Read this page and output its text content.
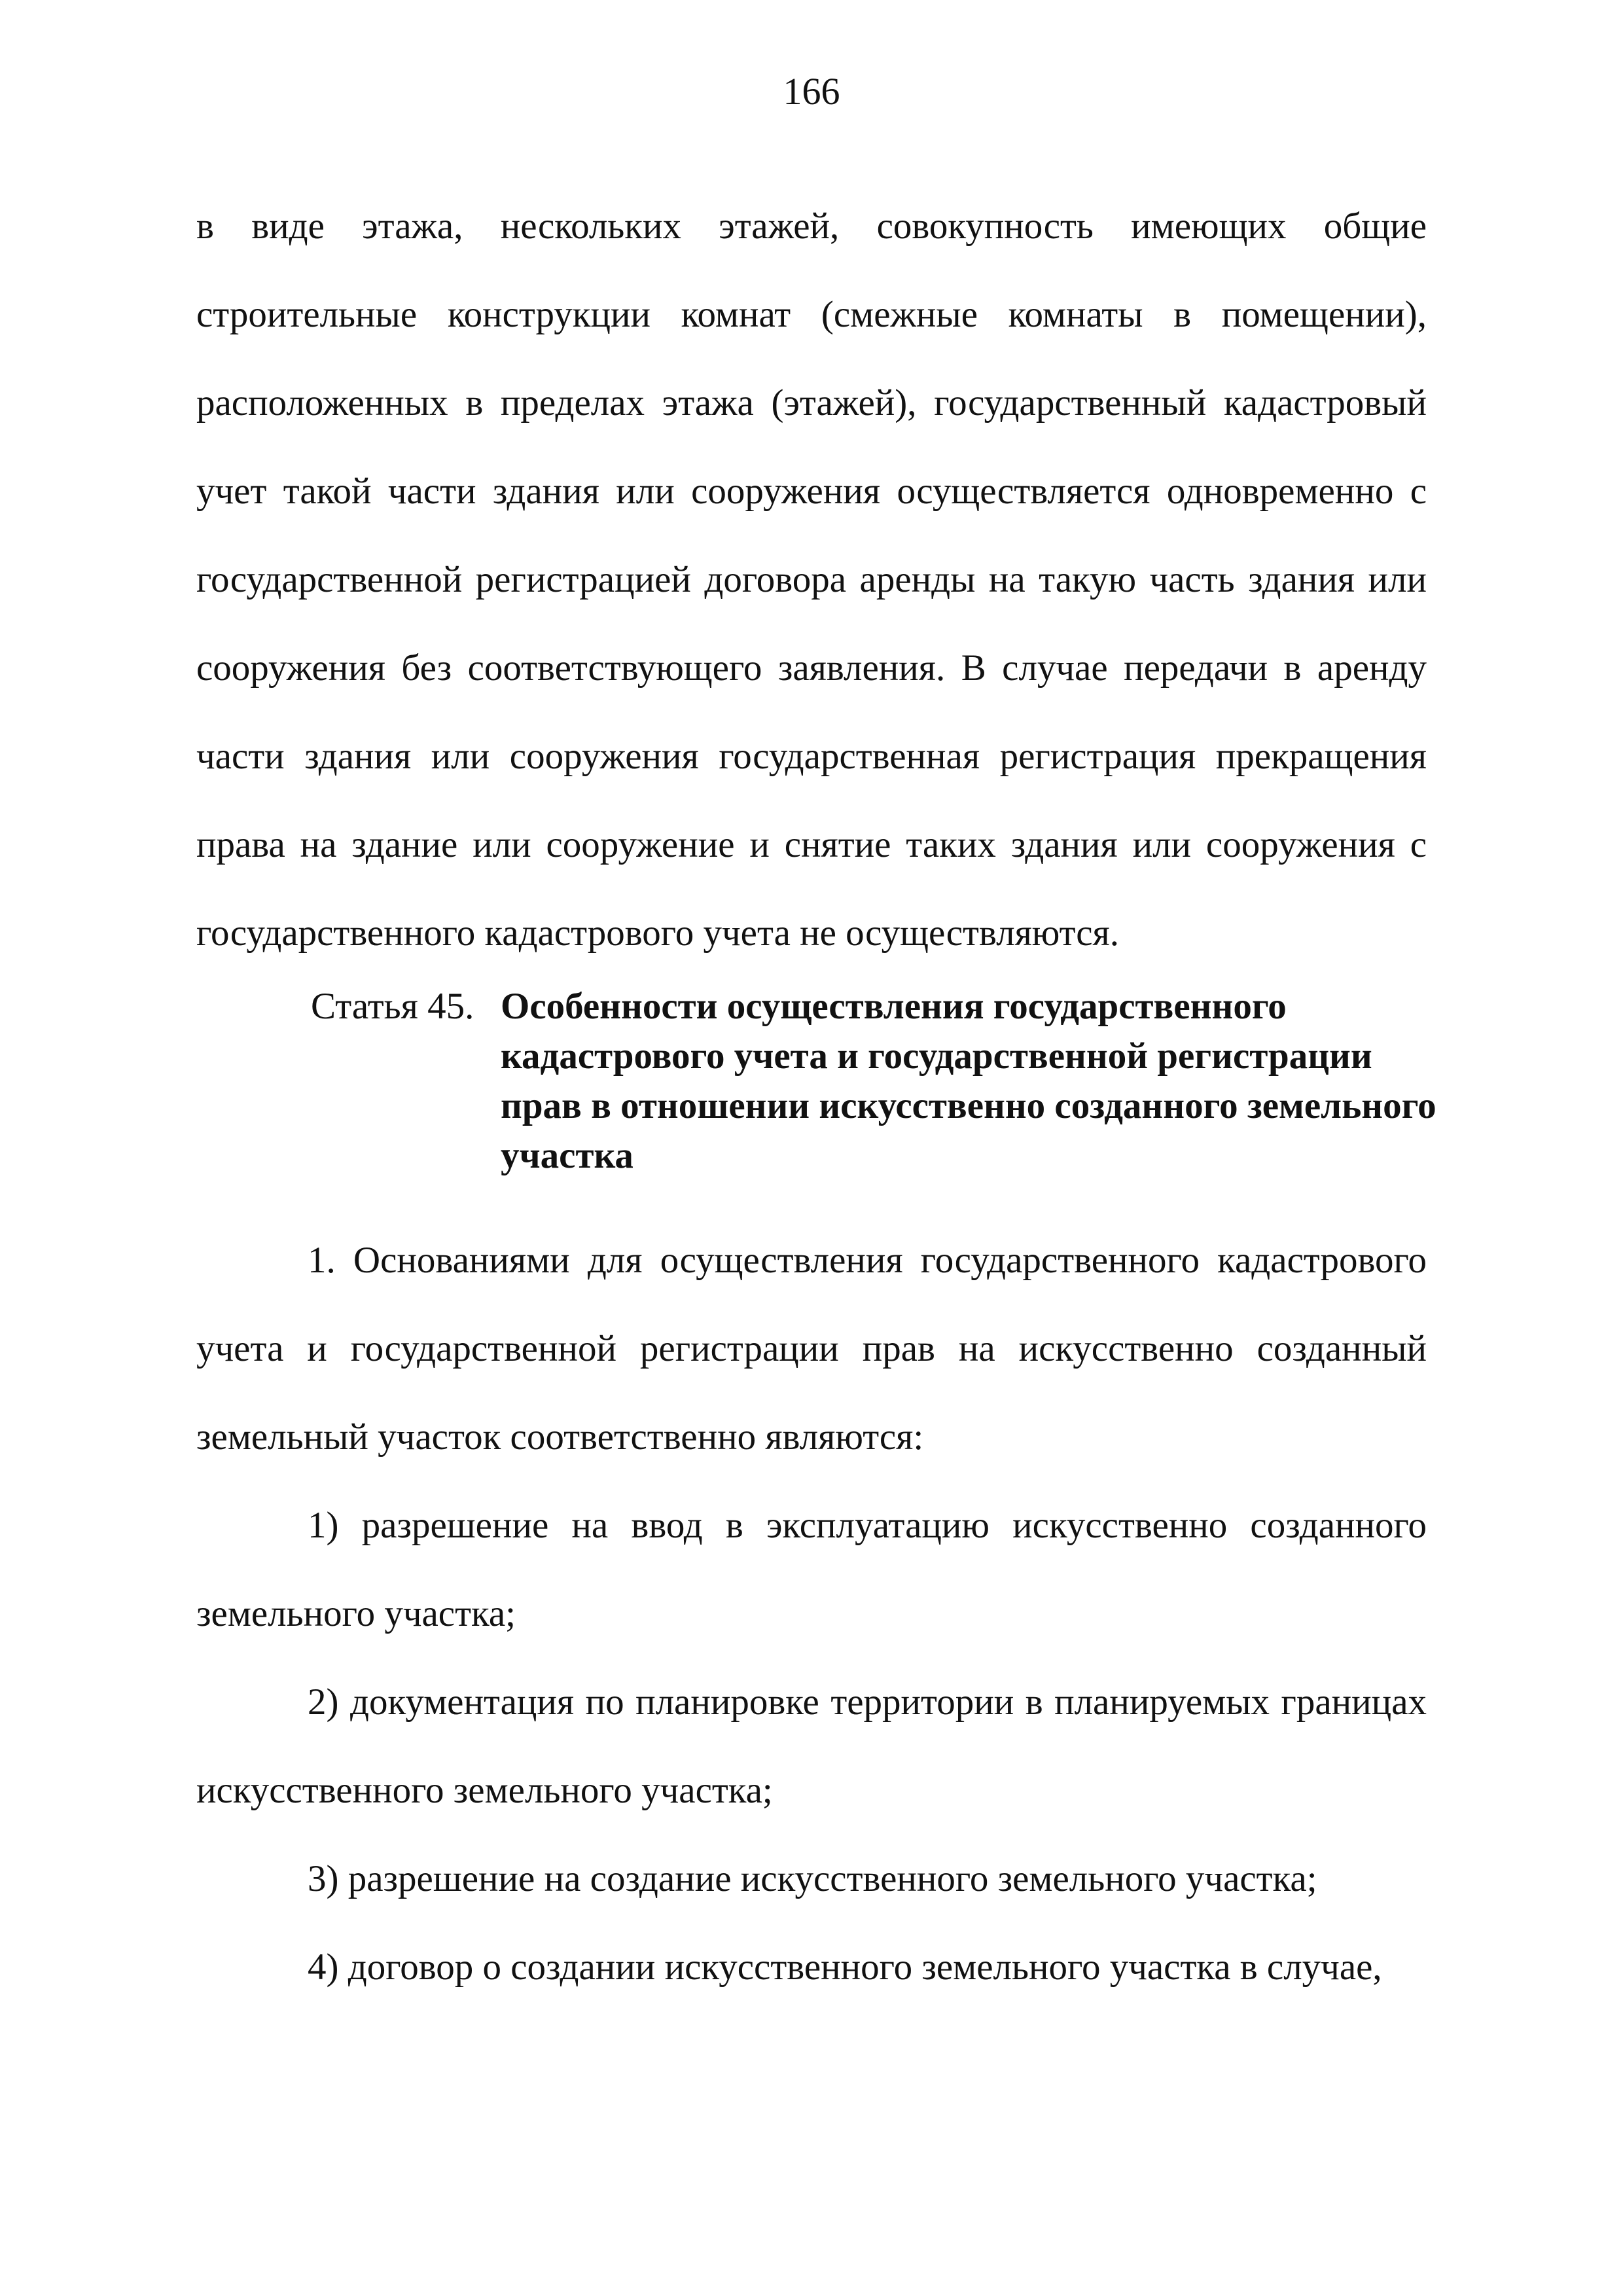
166

в виде этажа, нескольких этажей, совокупность имеющих общие строительные конструкции комнат (смежные комнаты в помещении), расположенных в пределах этажа (этажей), государственный кадастровый учет такой части здания или сооружения осуществляется одновременно с государственной регистрацией договора аренды на такую часть здания или сооружения без соответствующего заявления. В случае передачи в аренду части здания или сооружения государственная регистрация прекращения права на здание или сооружение и снятие таких здания или сооружения с государственного кадастрового учета не осуществляются.

Статья 45. Особенности осуществления государственного кадастрового учета и государственной регистрации прав в отношении искусственно созданного земельного участка

1. Основаниями для осуществления государственного кадастрового учета и государственной регистрации прав на искусственно созданный земельный участок соответственно являются:

1) разрешение на ввод в эксплуатацию искусственно созданного земельного участка;

2) документация по планировке территории в планируемых границах искусственного земельного участка;

3) разрешение на создание искусственного земельного участка;

4) договор о создании искусственного земельного участка в случае,
